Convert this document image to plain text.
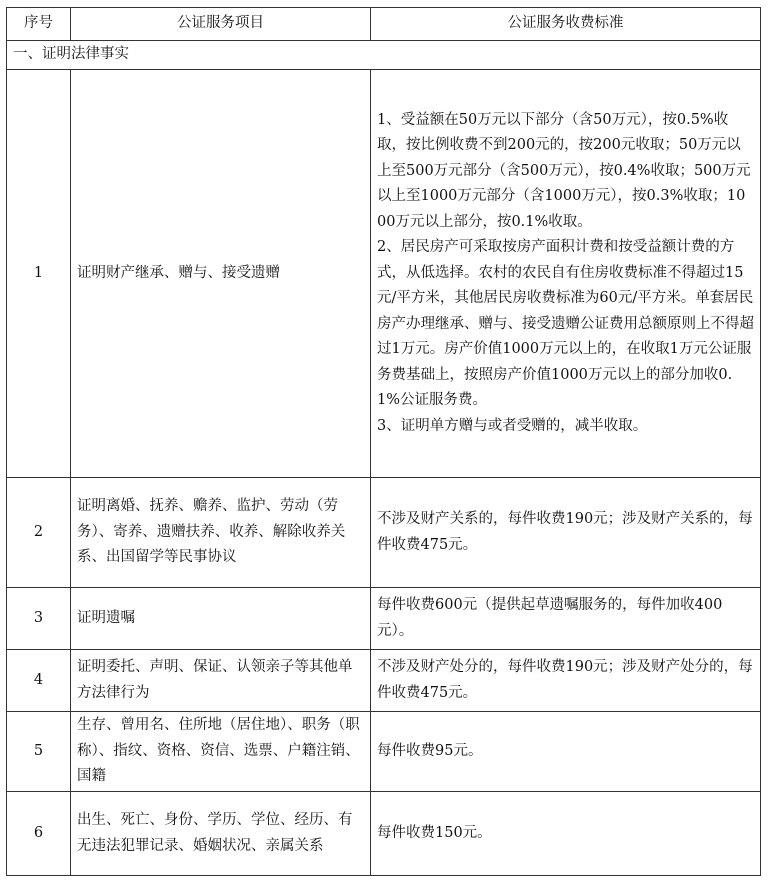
序号	公证服务项目	公证服务收费标准
一、证明法律事实		
1	证明财产继承、赠与、接受遗赠	1、受益额在50万元以下部分（含50万元），按0.5%收取，按比例收费不到200元的，按200元收取；50万元以上至500万元部分（含500万元），按0.4%收取；500万元以上至1000万元部分（含1000万元），按0.3%收取；1000万元以上部分，按0.1%收取。
2、居民房产可采取按房产面积计费和按受益额计费的方式，从低选择。农村的农民自有住房收费标准不得超过15元/平方米，其他居民房收费标准为60元/平方米。单套居民房产办理继承、赠与、接受遗赠公证费用总额原则上不得超过1万元。房产价值1000万元以上的，在收取1万元公证服务费基础上，按照房产价值1000万元以上的部分加收0.1%公证服务费。
3、证明单方赠与或者受赠的，减半收取。

2	证明离婚、抚养、赡养、监护、劳动（劳务）、寄养、遗赠扶养、收养、解除收养关系、出国留学等民事协议	不涉及财产关系的，每件收费190元；涉及财产关系的，每件收费475元。
3	证明遗嘱	每件收费600元（提供起草遗嘱服务的，每件加收400元）。
4	证明委托、声明、保证、认领亲子等其他单方法律行为	不涉及财产处分的，每件收费190元；涉及财产处分的，每件收费475元。
5	生存、曾用名、住所地（居住地）、职务（职称）、指纹、资格、资信、选票、户籍注销、国籍	每件收费95元。
6	出生、死亡、身份、学历、学位、经历、有无违法犯罪记录、婚姻状况、亲属关系	每件收费150元。
